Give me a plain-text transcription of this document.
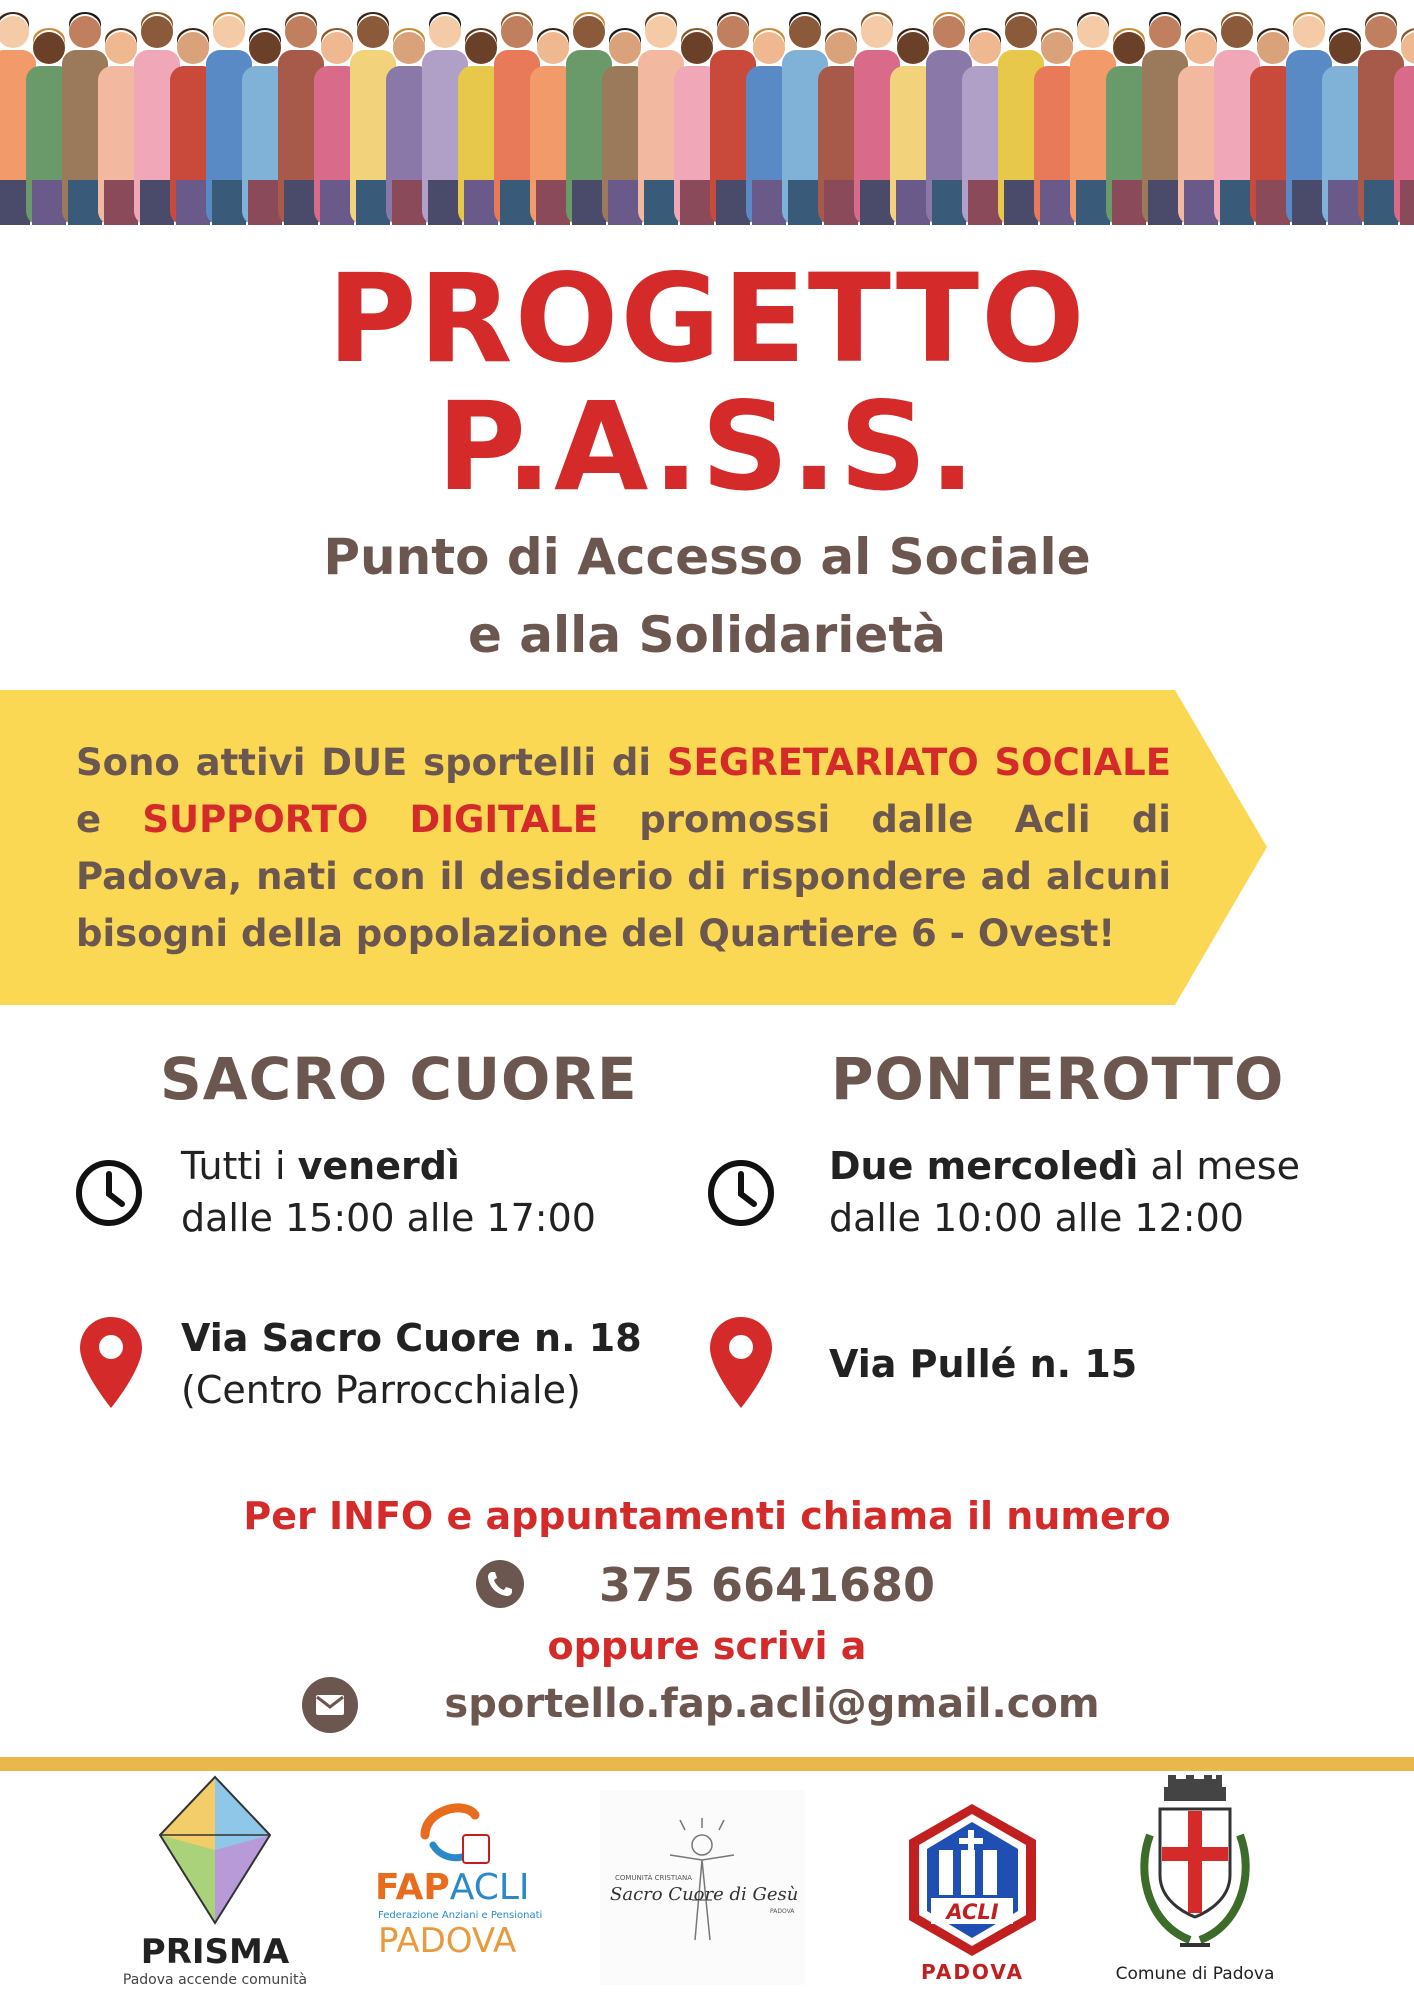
PROGETTO
P.A.S.S.
Punto di Accesso al Sociale
e alla Solidarietà
Sono attivi DUE sportelli di SEGRETARIATO SOCIALE e SUPPORTO DIGITALE promossi dalle Acli di Padova, nati con il desiderio di rispondere ad alcuni bisogni della popolazione del Quartiere 6 - Ovest!
SACRO CUORE
Tutti i venerdì
dalle 15:00 alle 17:00
Via Sacro Cuore n. 18
(Centro Parrocchiale)
PONTEROTTO
Due mercoledì al mese
dalle 10:00 alle 12:00
Via Pullé n. 15
Per INFO e appuntamenti chiama il numero
375 6641680
oppure scrivi a
sportello.fap.acli@gmail.com
PRISMA
Padova accende comunità
FAPACLI
Federazione Anziani e Pensionati
PADOVA
COMUNITÀ CRISTIANA
Sacro Cuore di Gesù
PADOVA	ACLI
PADOVA	Comune di Padova
